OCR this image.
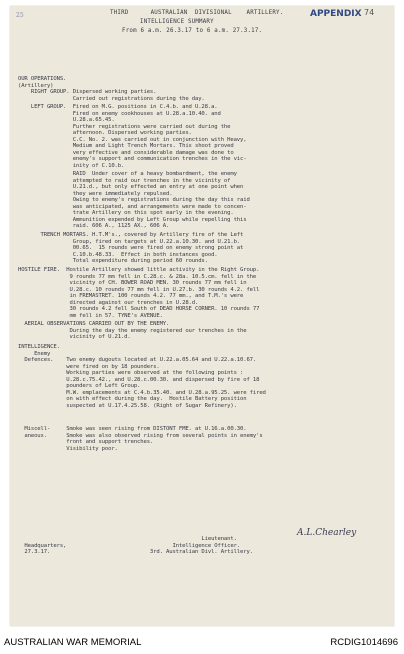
25	74
APPENDIX
THIRD      AUSTRALIAN  DIVISIONAL    ARTILLERY.
INTELLIGENCE SUMMARY
From 6 a.m. 26.3.17 to 6 a.m. 27.3.17.
OUR OPERATIONS.
(Artillery)
RIGHT GROUP. Dispersed working parties.
Carried out registrations during the day.
LEFT GROUP.  Fired on M.G. positions in C.4.b. and U.28.a.
Fired on enemy cookhouses at U.28.a.10.40. and
U.28.a.65.45.
Further registrations were carried out during the
afternoon. Dispersed working parties.
C.C. No. 2. was carried out in conjunction with Heavy,
Medium and Light Trench Mortars. This shoot proved
very effective and considerable damage was done to
enemy's support and communication trenches in the vic-
inity of C.10.b.
RAID  Under cover of a heavy bombardment, the enemy
attempted to raid our trenches in the vicinity of
U.21.d., but only effected an entry at one point when
they were immediately repulsed.
Owing to enemy's registrations during the day this raid
was anticipated, and arrangements were made to concen-
trate Artillery on this spot early in the evening.
Ammunition expended by Left Group while repelling this
raid. 606 A., 1125 AX., 606 A.
TRENCH MORTARS. H.T.M's., covered by Artillery fire of the Left
Group, fired on targets at U.22.a.10.30. and U.21.b.
00.65.  15 rounds were fired on enemy strong point at
C.10.b.48.33.  Effect in both instances good.
Total expenditure during period 60 rounds.
HOSTILE FIRE.  Hostile Artillery showed little activity in the Right Group.
9 rounds 77 mm fell in C.28.c. & 28a. 10.5.cm. fell in the
vicinity of CH. BOWER ROAD MEN. 30 rounds 77 mm fell in
U.28.c. 10 rounds 77 mm fell in U.27.b. 30 rounds 4.2. fell
in FREMASTRET. 100 rounds 4.2. 77 mm., and T.M.'s were
directed against our trenches in U.28.d.
30 rounds 4.2 fell South of DEAD HORSE CORNER. 10 rounds 77
mm fell in 57. TYNE's AVENUE.
AERIAL OBSERVATIONS CARRIED OUT BY THE ENEMY.
During the day the enemy registered our trenches in the
vicinity of U.21.d.
INTELLIGENCE.
Enemy
Defences.    Two enemy dugouts located at U.22.a.05.64 and U.22.a.10.67.
were fired on by 18 pounders.
Working parties were observed at the following points :
U.28.c.75.42., and U.28.c.00.30. and dispersed by fire of 18
pounders of Left Group.
M.W. emplacements at C.4.b.35.40. and U.28.a.95.25. were fired
on with effect during the day.  Hostile Battery position
suspected at U.17.4.25.58. (Right of Sugar Refinery).
Miscell-     Smoke was seen rising from DISTONT FME. at U.16.a.00.30.
aneous.      Smoke was also observed rising from several points in enemy's
front and support trenches.
Visibility poor.
Lieutenant.
Headquarters,                                 Intelligence Officer.
27.3.17.                               3rd. Australian Divl. Artillery.
A.L.Chearley
AUSTRALIAN WAR MEMORIAL	RCDIG1014696
